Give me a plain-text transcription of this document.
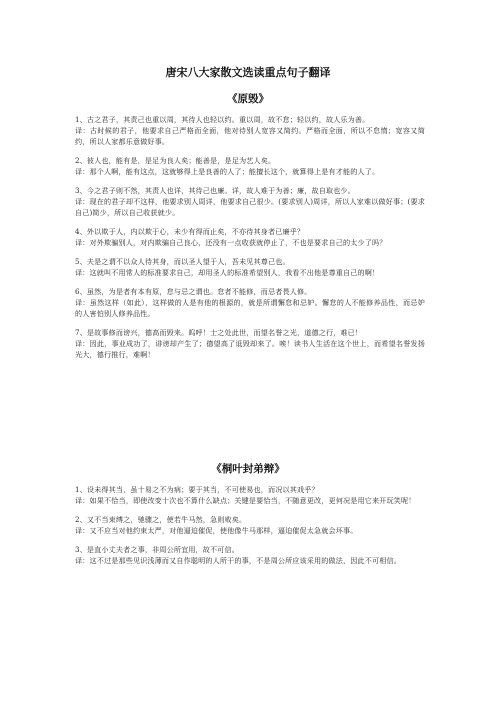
唐宋八大家散文选读重点句子翻译
《原毁》

1、古之君子，其责己也重以周，其待人也轻以约。重以周，故不怠；轻以约，故人乐为善。

译：古时候的君子，他要求自己严格而全面，他对待别人宽容又简约。严格而全面，所以不怠惰；宽容又简约，所以人家都乐意做好事。

2、彼人也，能有是，是足为良人矣；能善是，是足为艺人矣。

译：那个人啊，能有这点，这就够得上是良善的人了；能擅长这个，就算得上是有才能的人了。

3、今之君子则不然，其责人也详，其待己也廉。详，故人难于为善；廉，故自取也少。

译：现在的君子却不这样，他要求别人周详，他要求自己很少。(要求别人)周详，所以人家难以做好事；(要求自己)简少，所以自己收获就少。

4、外以欺于人，内以欺于心，未少有得而止矣，不亦待其身者已廉乎？

译：对外欺骗别人，对内欺骗自己良心，还没有一点收获就停止了，不也是要求自己的太少了吗？

5、夫是之谓不以众人待其身，而以圣人望于人，吾未见其尊己也。

译：这就叫不用常人的标准要求自己，却用圣人的标准希望别人，我看不出他是尊重自己的啊！

6、虽然，为是者有本有原，怠与忌之谓也。怠者不能修，而忌者畏人修。

译：虽然这样（如此），这样做的人是有他的根源的，就是所谓懈怠和忌妒。懈怠的人不能修养品性，而忌妒的人害怕别人修养品性。

7、是故事修而谤兴，德高而毁来。呜呼！士之处此世，而望名誉之光，道德之行，难已！

译：因此，事业成功了，诽谤却产生了；德望高了诋毁却来了。唉！读书人生活在这个世上，而希望名誉发扬光大，德行推行，难啊！

《桐叶封弟辩》

1、设未得其当，虽十易之不为病；要于其当，不可使易也，而况以其戏乎？

译：如果不恰当，即使改变十次也不算什么缺点；关键是要恰当，不随意更改，更何况是用它来开玩笑呢！

2、又不当束缚之，驰骤之，使若牛马然，急则败矣。

译：又不应当对他约束太严，对他逼迫催促，使他像牛马那样，逼迫催促太急就会坏事。

3、是直小丈夫者之事，非周公所宜用，故不可信。

译：这不过是那些见识浅薄而又自作聪明的人所干的事，不是周公所应该采用的做法，因此不可相信。
